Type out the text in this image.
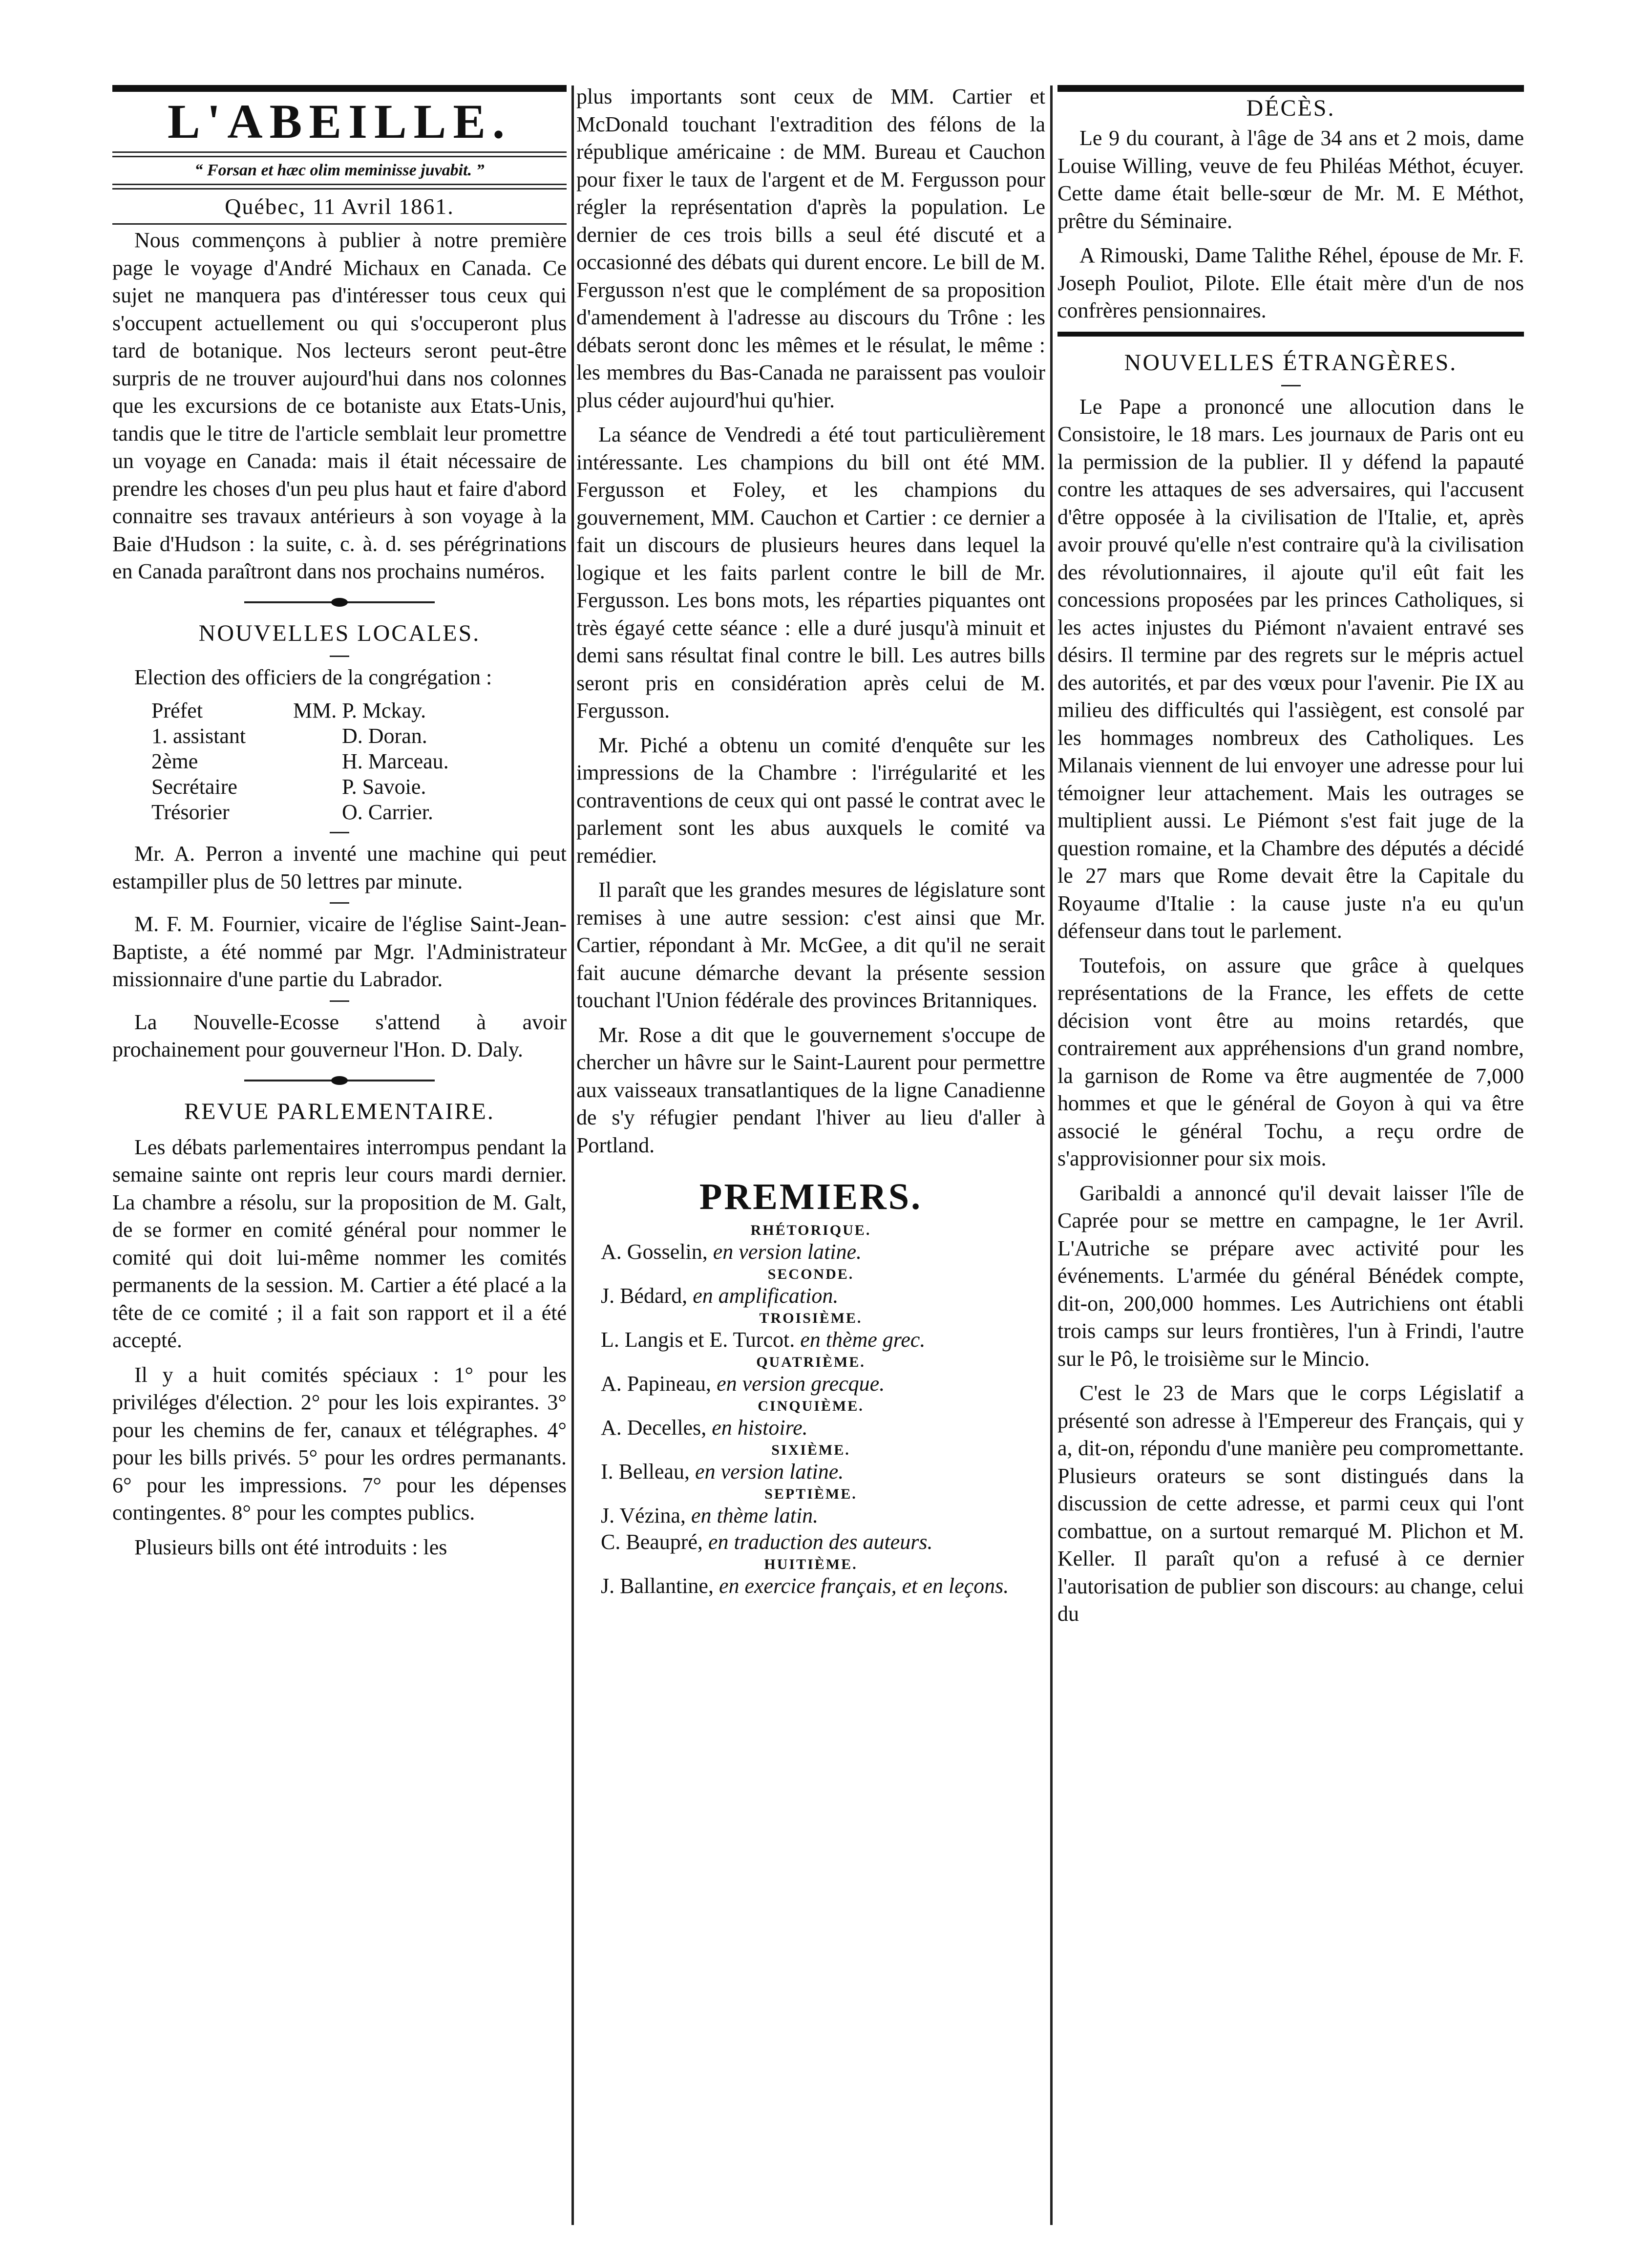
L'ABEILLE.
“ Forsan et hæc olim meminisse juvabit. ”
Québec, 11 Avril 1861.

Nous commençons à publier à notre première page le voyage d'André Michaux en Canada. Ce sujet ne manquera pas d'intéresser tous ceux qui s'occupent actuellement ou qui s'occuperont plus tard de botanique. Nos lecteurs seront peut-être surpris de ne trouver aujourd'hui dans nos colonnes que les excursions de ce botaniste aux Etats-Unis, tandis que le titre de l'article semblait leur promettre un voyage en Canada: mais il était nécessaire de prendre les choses d'un peu plus haut et faire d'abord connaitre ses travaux antérieurs à son voyage à la Baie d'Hudson : la suite, c. à. d. ses pérégrinations en Canada paraîtront dans nos prochains numéros.

NOUVELLES LOCALES.

Election des officiers de la congrégation :

Préfet	MM. P. Mckay.
1. assistant	D. Doran.
2ème	H. Marceau.
Secrétaire	P. Savoie.
Trésorier	O. Carrier.

Mr. A. Perron a inventé une machine qui peut estampiller plus de 50 lettres par minute.

M. F. M. Fournier, vicaire de l'église Saint-Jean-Baptiste, a été nommé par Mgr. l'Administrateur missionnaire d'une partie du Labrador.

La Nouvelle-Ecosse s'attend à avoir prochainement pour gouverneur l'Hon. D. Daly.

REVUE PARLEMENTAIRE.

Les débats parlementaires interrompus pendant la semaine sainte ont repris leur cours mardi dernier. La chambre a résolu, sur la proposition de M. Galt, de se former en comité général pour nommer le comité qui doit lui-même nommer les comités permanents de la session. M. Cartier a été placé a la tête de ce comité ; il a fait son rapport et il a été accepté.

Il y a huit comités spéciaux : 1° pour les priviléges d'élection. 2° pour les lois expirantes. 3° pour les chemins de fer, canaux et télégraphes. 4° pour les bills privés. 5° pour les ordres permanants. 6° pour les impressions. 7° pour les dépenses contingentes. 8° pour les comptes publics.

Plusieurs bills ont été introduits : les

plus importants sont ceux de MM. Cartier et McDonald touchant l'extradition des félons de la république américaine : de MM. Bureau et Cauchon pour fixer le taux de l'argent et de M. Fergusson pour régler la représentation d'après la population. Le dernier de ces trois bills a seul été discuté et a occasionné des débats qui durent encore. Le bill de M. Fergusson n'est que le complément de sa proposition d'amendement à l'adresse au discours du Trône : les débats seront donc les mêmes et le résulat, le même : les membres du Bas-Canada ne paraissent pas vouloir plus céder aujourd'hui qu'hier.

La séance de Vendredi a été tout particulièrement intéressante. Les champions du bill ont été MM. Fergusson et Foley, et les champions du gouvernement, MM. Cauchon et Cartier : ce dernier a fait un discours de plusieurs heures dans lequel la logique et les faits parlent contre le bill de Mr. Fergusson. Les bons mots, les réparties piquantes ont très égayé cette séance : elle a duré jusqu'à minuit et demi sans résultat final contre le bill. Les autres bills seront pris en considération après celui de M. Fergusson.

Mr. Piché a obtenu un comité d'enquête sur les impressions de la Chambre : l'irrégularité et les contraventions de ceux qui ont passé le contrat avec le parlement sont les abus auxquels le comité va remédier.

Il paraît que les grandes mesures de législature sont remises à une autre session: c'est ainsi que Mr. Cartier, répondant à Mr. McGee, a dit qu'il ne serait fait aucune démarche devant la présente session touchant l'Union fédérale des provinces Britanniques.

Mr. Rose a dit que le gouvernement s'occupe de chercher un hâvre sur le Saint-Laurent pour permettre aux vaisseaux transatlantiques de la ligne Canadienne de s'y réfugier pendant l'hiver au lieu d'aller à Portland.

PREMIERS.
RHÉTORIQUE.
A. Gosselin, en version latine.
SECONDE.
J. Bédard, en amplification.
TROISIÈME.
L. Langis et E. Turcot. en thème grec.
QUATRIÈME.
A. Papineau, en version grecque.
CINQUIÈME.
A. Decelles, en histoire.
SIXIÈME.
I. Belleau, en version latine.
SEPTIÈME.
J. Vézina, en thème latin.
C. Beaupré, en traduction des auteurs.
HUITIÈME.
J. Ballantine, en exercice français, et en leçons.
DÉCÈS.

Le 9 du courant, à l'âge de 34 ans et 2 mois, dame Louise Willing, veuve de feu Philéas Méthot, écuyer. Cette dame était belle-sœur de Mr. M. E Méthot, prêtre du Séminaire.

A Rimouski, Dame Talithe Réhel, épouse de Mr. F. Joseph Pouliot, Pilote. Elle était mère d'un de nos confrères pensionnaires.

NOUVELLES ÉTRANGÈRES.

Le Pape a prononcé une allocution dans le Consistoire, le 18 mars. Les journaux de Paris ont eu la permission de la publier. Il y défend la papauté contre les attaques de ses adversaires, qui l'accusent d'être opposée à la civilisation de l'Italie, et, après avoir prouvé qu'elle n'est contraire qu'à la civilisation des révolutionnaires, il ajoute qu'il eût fait les concessions proposées par les princes Catholiques, si les actes injustes du Piémont n'avaient entravé ses désirs. Il termine par des regrets sur le mépris actuel des autorités, et par des vœux pour l'avenir. Pie IX au milieu des difficultés qui l'assiègent, est consolé par les hommages nombreux des Catholiques. Les Milanais viennent de lui envoyer une adresse pour lui témoigner leur attachement. Mais les outrages se multiplient aussi. Le Piémont s'est fait juge de la question romaine, et la Chambre des députés a décidé le 27 mars que Rome devait être la Capitale du Royaume d'Italie : la cause juste n'a eu qu'un défenseur dans tout le parlement.

Toutefois, on assure que grâce à quelques représentations de la France, les effets de cette décision vont être au moins retardés, que contrairement aux appréhensions d'un grand nombre, la garnison de Rome va être augmentée de 7,000 hommes et que le général de Goyon à qui va être associé le général Tochu, a reçu ordre de s'approvisionner pour six mois.

Garibaldi a annoncé qu'il devait laisser l'île de Caprée pour se mettre en campagne, le 1er Avril. L'Autriche se prépare avec activité pour les événements. L'armée du général Bénédek compte, dit-on, 200,000 hommes. Les Autrichiens ont établi trois camps sur leurs frontières, l'un à Frindi, l'autre sur le Pô, le troisième sur le Mincio.

C'est le 23 de Mars que le corps Législatif a présenté son adresse à l'Empereur des Français, qui y a, dit-on, répondu d'une manière peu compromettante. Plusieurs orateurs se sont distingués dans la discussion de cette adresse, et parmi ceux qui l'ont combattue, on a surtout remarqué M. Plichon et M. Keller. Il paraît qu'on a refusé à ce dernier l'autorisation de publier son discours: au change, celui du
